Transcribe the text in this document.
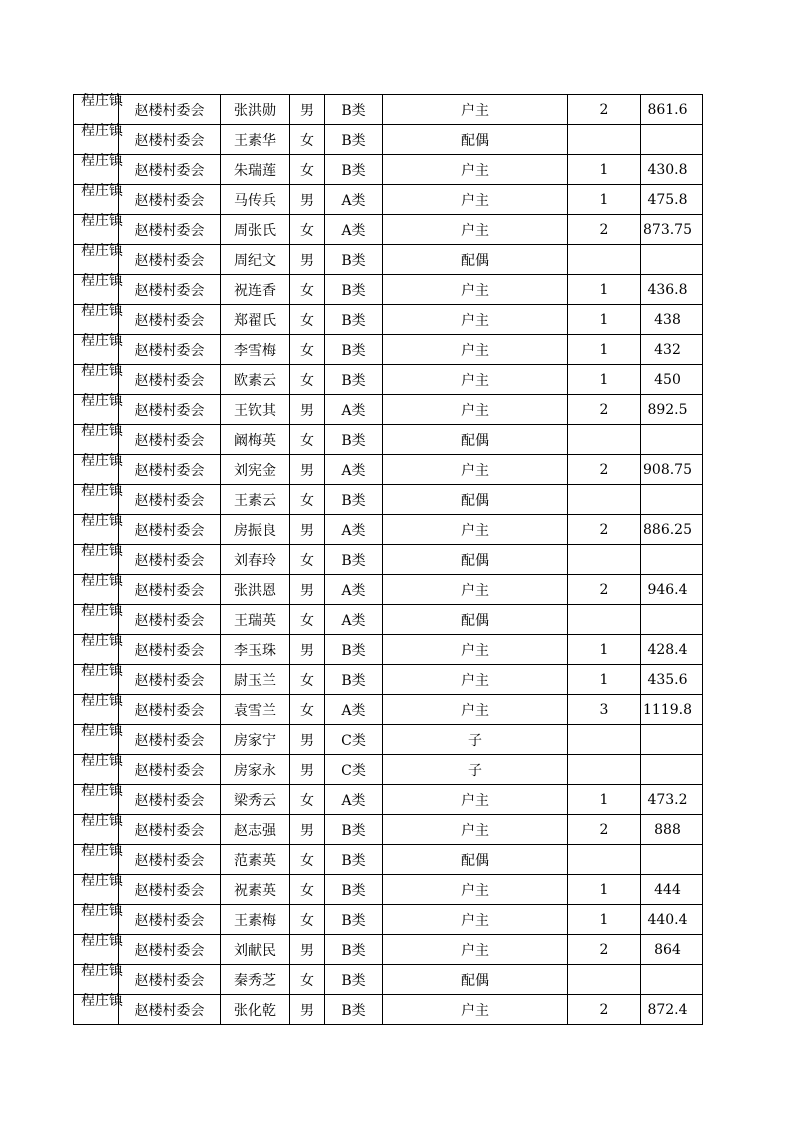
程庄镇	赵楼村委会	张洪勋	男	B类	户主	2	861.6

程庄镇	赵楼村委会	王素华	女	B类	配偶		

程庄镇	赵楼村委会	朱瑞莲	女	B类	户主	1	430.8

程庄镇	赵楼村委会	马传兵	男	A类	户主	1	475.8

程庄镇	赵楼村委会	周张氏	女	A类	户主	2	873.75

程庄镇	赵楼村委会	周纪文	男	B类	配偶		

程庄镇	赵楼村委会	祝连香	女	B类	户主	1	436.8

程庄镇	赵楼村委会	郑翟氏	女	B类	户主	1	438

程庄镇	赵楼村委会	李雪梅	女	B类	户主	1	432

程庄镇	赵楼村委会	欧素云	女	B类	户主	1	450

程庄镇	赵楼村委会	王钦其	男	A类	户主	2	892.5

程庄镇	赵楼村委会	阚梅英	女	B类	配偶		

程庄镇	赵楼村委会	刘宪金	男	A类	户主	2	908.75

程庄镇	赵楼村委会	王素云	女	B类	配偶		

程庄镇	赵楼村委会	房振良	男	A类	户主	2	886.25

程庄镇	赵楼村委会	刘春玲	女	B类	配偶		

程庄镇	赵楼村委会	张洪恩	男	A类	户主	2	946.4

程庄镇	赵楼村委会	王瑞英	女	A类	配偶		

程庄镇	赵楼村委会	李玉珠	男	B类	户主	1	428.4

程庄镇	赵楼村委会	尉玉兰	女	B类	户主	1	435.6

程庄镇	赵楼村委会	袁雪兰	女	A类	户主	3	1119.8

程庄镇	赵楼村委会	房家宁	男	C类	子		

程庄镇	赵楼村委会	房家永	男	C类	子		

程庄镇	赵楼村委会	梁秀云	女	A类	户主	1	473.2

程庄镇	赵楼村委会	赵志强	男	B类	户主	2	888

程庄镇	赵楼村委会	范素英	女	B类	配偶		

程庄镇	赵楼村委会	祝素英	女	B类	户主	1	444

程庄镇	赵楼村委会	王素梅	女	B类	户主	1	440.4

程庄镇	赵楼村委会	刘献民	男	B类	户主	2	864

程庄镇	赵楼村委会	秦秀芝	女	B类	配偶		

程庄镇	赵楼村委会	张化乾	男	B类	户主	2	872.4
